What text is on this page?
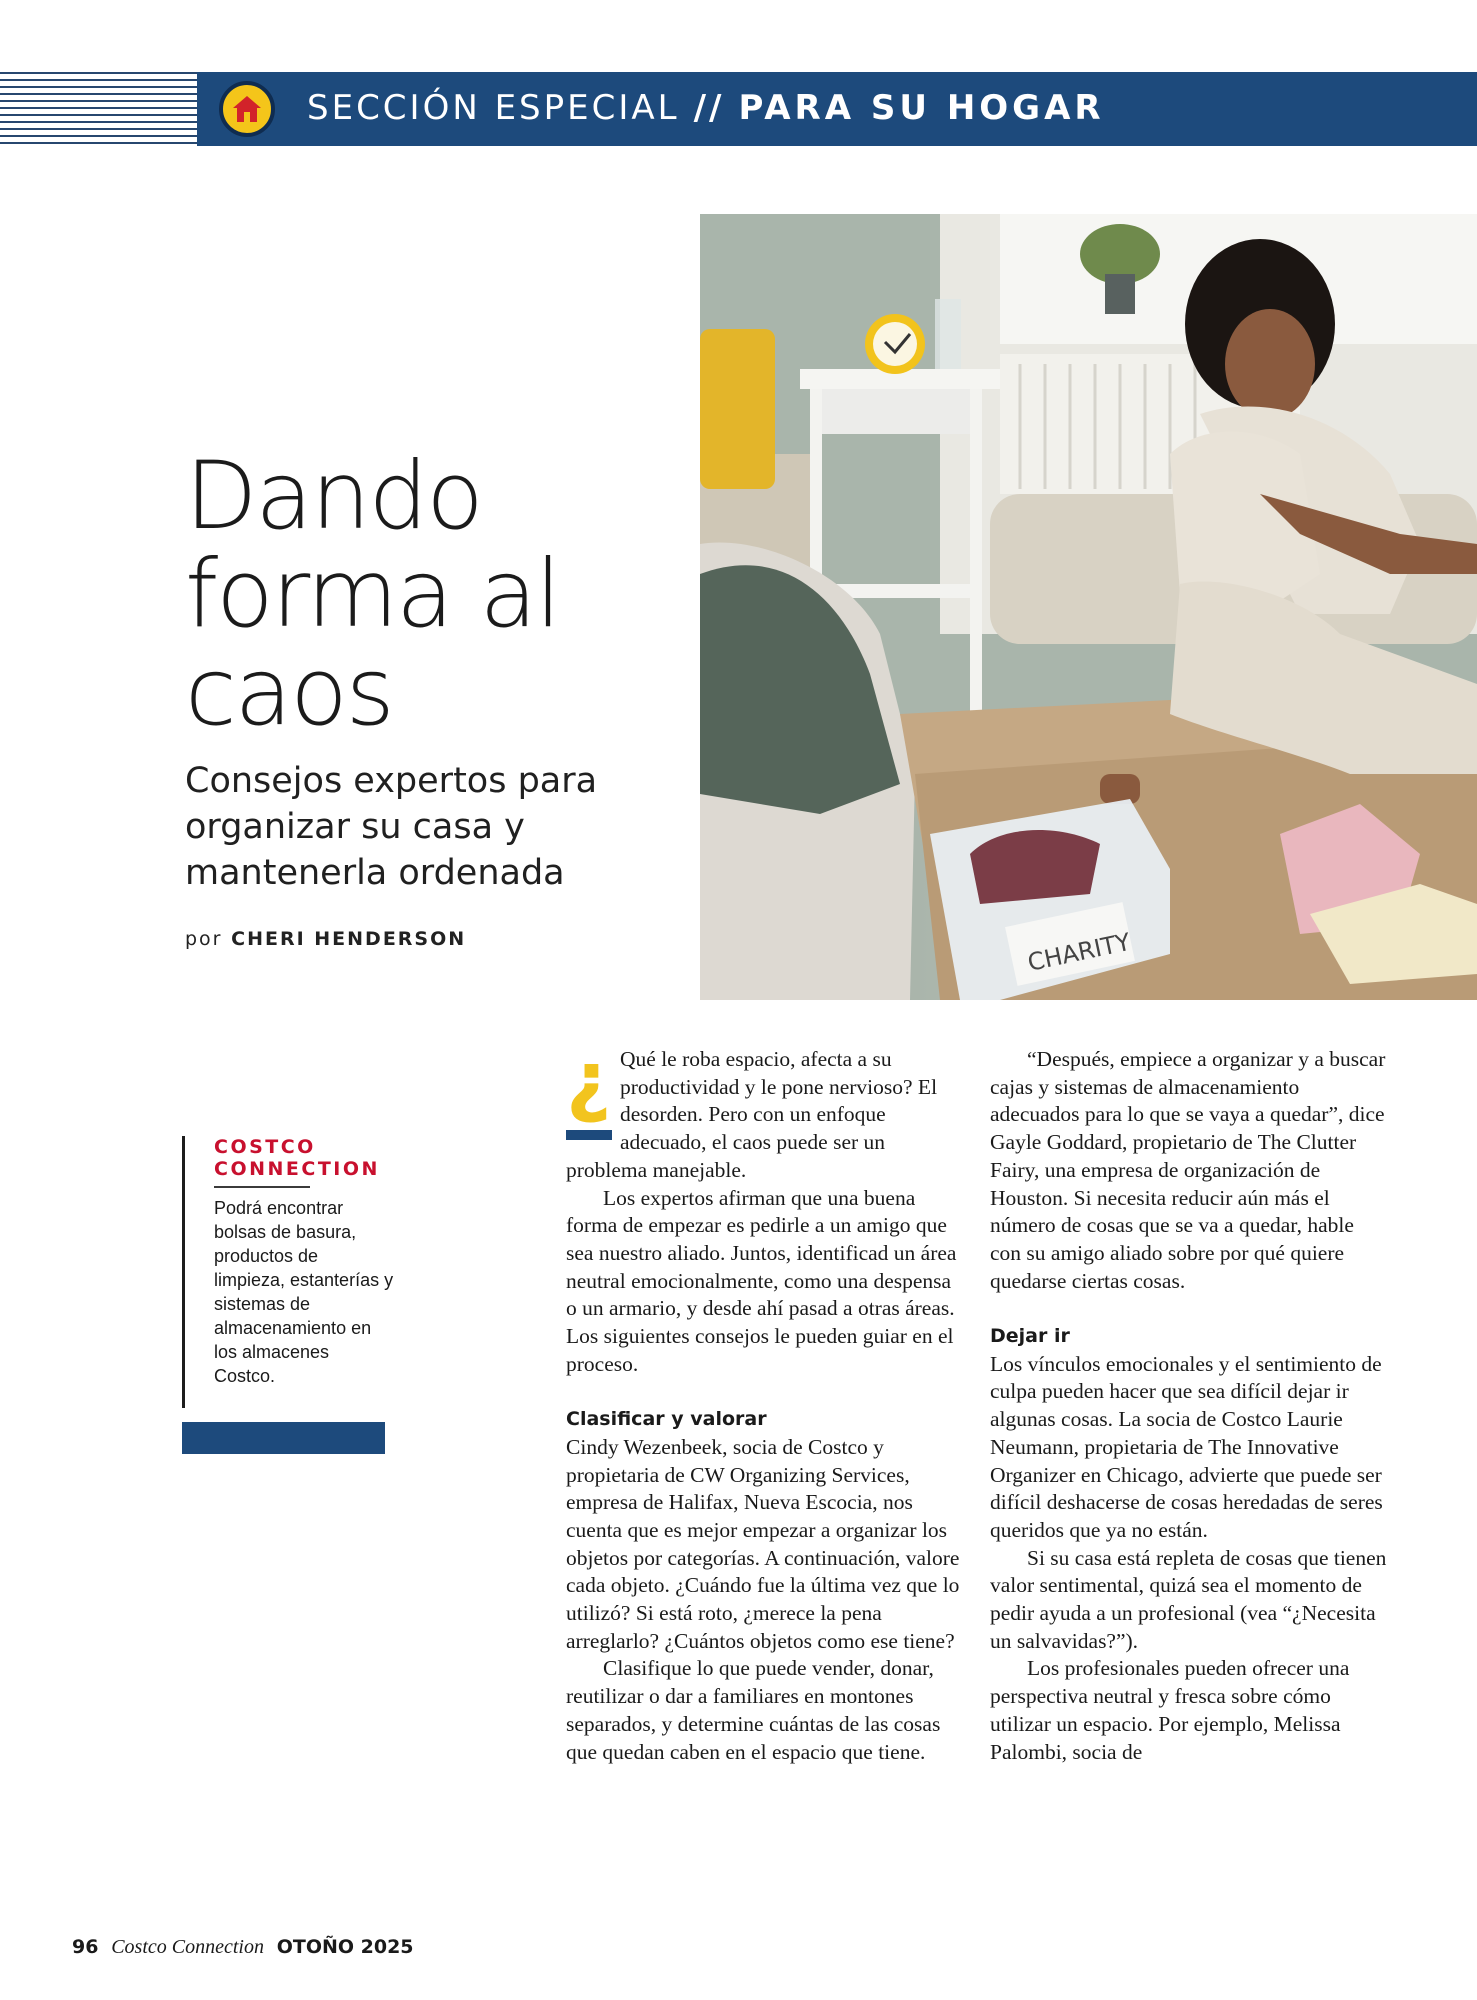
SECCIÓN ESPECIAL // PARA SU HOGAR
Dando
forma al
caos
Consejos expertos para organizar su casa y mantenerla ordenada
por CHERI HENDERSON	CHARITY
COSTCO
CONNECTION
Podrá encontrar bolsas de basura, productos de limpieza, estanterías y sistemas de almacenamiento en los almacenes Costco.
¿ Qué le roba espacio, afecta a su productividad y le pone nervioso? El desorden. Pero con un enfoque adecuado, el caos puede ser un problema manejable.

Los expertos afirman que una buena forma de empezar es pedirle a un amigo que sea nuestro aliado. Juntos, identificad un área neutral emocionalmente, como una despensa o un armario, y desde ahí pasad a otras áreas. Los siguientes consejos le pueden guiar en el proceso.

Clasificar y valorar

Cindy Wezenbeek, socia de Costco y propietaria de CW Organizing Services, empresa de Halifax, Nueva Escocia, nos cuenta que es mejor empezar a organizar los objetos por categorías. A continuación, valore cada objeto. ¿Cuándo fue la última vez que lo utilizó? Si está roto, ¿merece la pena arreglarlo? ¿Cuántos objetos como ese tiene?

Clasifique lo que puede vender, donar, reutilizar o dar a familiares en montones separados, y determine cuántas de las cosas que quedan caben en el espacio que tiene.

“Después, empiece a organizar y a buscar cajas y sistemas de almacenamiento adecuados para lo que se vaya a quedar”, dice Gayle Goddard, propietario de The Clutter Fairy, una empresa de organización de Houston. Si necesita reducir aún más el número de cosas que se va a quedar, hable con su amigo aliado sobre por qué quiere quedarse ciertas cosas.

Dejar ir

Los vínculos emocionales y el sentimiento de culpa pueden hacer que sea difícil dejar ir algunas cosas. La socia de Costco Laurie Neumann, propietaria de The Innovative Organizer en Chicago, advierte que puede ser difícil deshacerse de cosas heredadas de seres queridos que ya no están.

Si su casa está repleta de cosas que tienen valor sentimental, quizá sea el momento de pedir ayuda a un profesional (vea “¿Necesita un salvavidas?”).

Los profesionales pueden ofrecer una perspectiva neutral y fresca sobre cómo utilizar un espacio. Por ejemplo, Melissa Palombi, socia de

96 Costco Connection OTOÑO 2025
